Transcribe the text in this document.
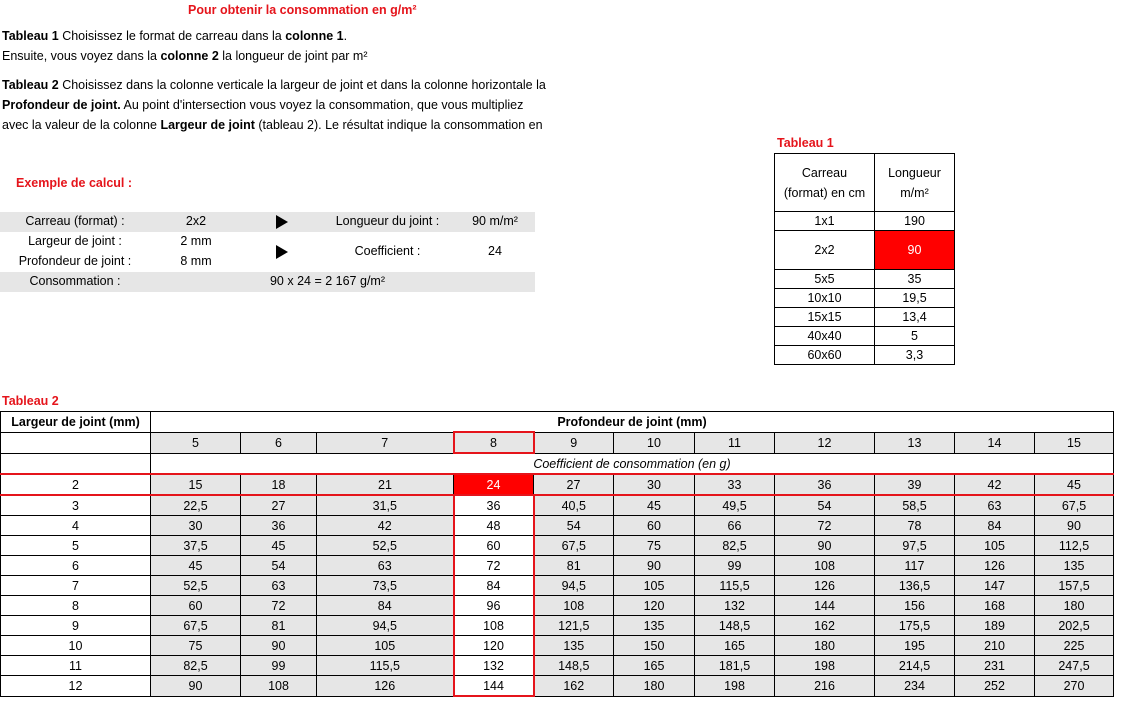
Pour obtenir la consommation en g/m²
Tableau 1 Choisissez le format de carreau dans la colonne 1.
Ensuite, vous voyez dans la colonne 2 la longueur de joint par m²
Tableau 2 Choisissez dans la colonne verticale la largeur de joint et dans la colonne horizontale la
Profondeur de joint. Au point d'intersection vous voyez la consommation, que vous multipliez
avec la valeur de la colonne Largeur de joint (tableau 2). Le résultat indique la consommation en
Exemple de calcul :
Carreau (format) :	2x2	Longueur du joint :	90 m/m²
Largeur de joint :	2 mm
Profondeur de joint :	8 mm
Coefficient :	24
Consommation :	90 x 24 = 2 167 g/m²
Tableau 1
Carreau
(format) en cm	Longueur
m/m²
1x1	190
2x2	90
5x5	35
10x10	19,5
15x15	13,4
40x40	5
60x60	3,3
Tableau 2
Largeur de joint (mm)	Profondeur de joint (mm)										
	5	6	7	8	9	10	11	12	13	14	15
	Coefficient de consommation (en g)										
2	15	18	21	24	27	30	33	36	39	42	45
3	22,5	27	31,5	36	40,5	45	49,5	54	58,5	63	67,5
4	30	36	42	48	54	60	66	72	78	84	90
5	37,5	45	52,5	60	67,5	75	82,5	90	97,5	105	112,5
6	45	54	63	72	81	90	99	108	117	126	135
7	52,5	63	73,5	84	94,5	105	115,5	126	136,5	147	157,5
8	60	72	84	96	108	120	132	144	156	168	180
9	67,5	81	94,5	108	121,5	135	148,5	162	175,5	189	202,5
10	75	90	105	120	135	150	165	180	195	210	225
11	82,5	99	115,5	132	148,5	165	181,5	198	214,5	231	247,5
12	90	108	126	144	162	180	198	216	234	252	270
